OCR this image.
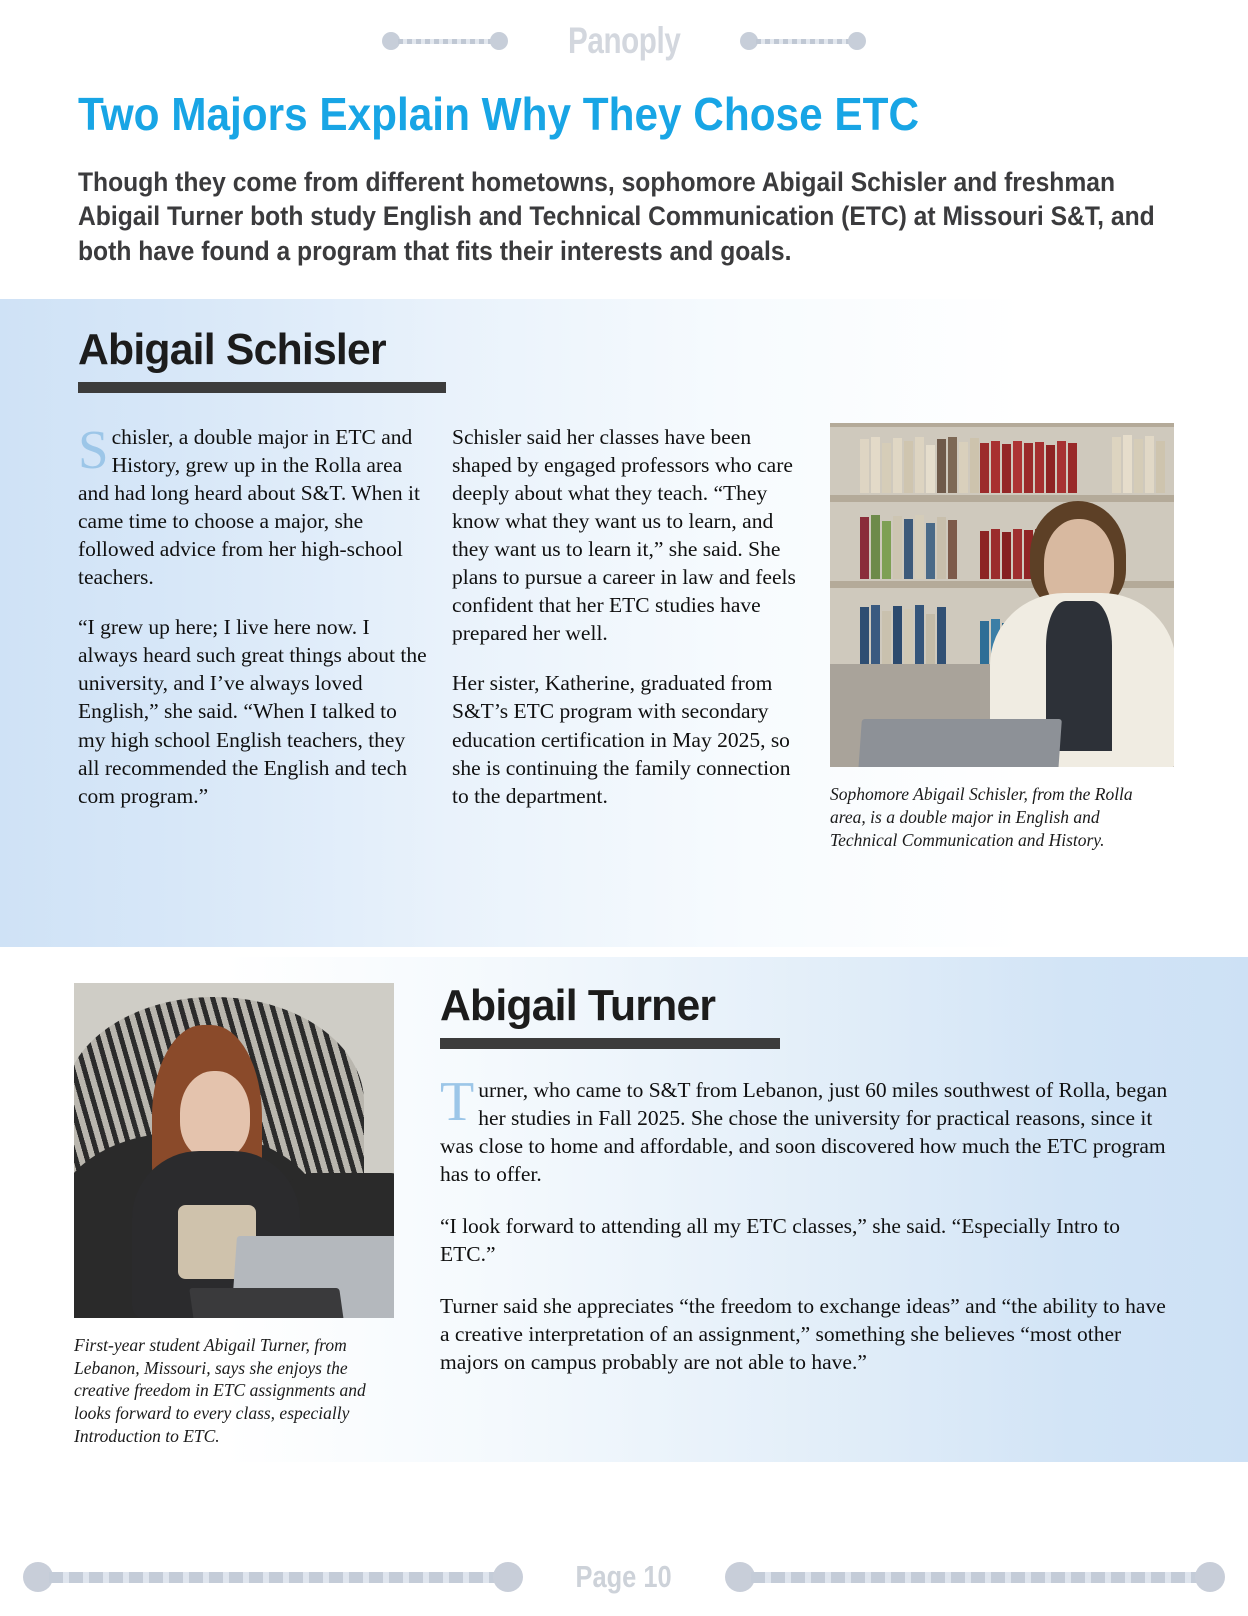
Panoply
Two Majors Explain Why They Chose ETC

Though they come from different hometowns, sophomore Abigail Schisler and freshman Abigail Turner both study English and Technical Communication (ETC) at Missouri S&T, and both have found a program that fits their interests and goals.

Abigail Schisler

Schisler, a double major in ETC and History, grew up in the Rolla area and had long heard about S&T. When it came time to choose a major, she followed advice from her high-school teachers.

“I grew up here; I live here now. I always heard such great things about the university, and I’ve always loved English,” she said. “When I talked to my high school English teachers, they all recommended the English and tech com program.”

Schisler said her classes have been shaped by engaged professors who care deeply about what they teach. “They know what they want us to learn, and they want us to learn it,” she said. She plans to pursue a career in law and feels confident that her ETC studies have prepared her well.

Her sister, Katherine, graduated from S&T’s ETC program with secondary education certification in May 2025, so she is continuing the family connection to the department.	Sophomore Abigail Schisler, from the Rolla area, is a double major in English and Technical Communication and History.
First-year student Abigail Turner, from Lebanon, Missouri, says she enjoys the creative freedom in ETC assignments and looks forward to every class, especially Introduction to ETC.
Abigail Turner

Turner, who came to S&T from Lebanon, just 60 miles southwest of Rolla, began her studies in Fall 2025. She chose the university for practical reasons, since it was close to home and affordable, and soon discovered how much the ETC program has to offer.

“I look forward to attending all my ETC classes,” she said. “Especially Intro to ETC.”

Turner said she appreciates “the freedom to exchange ideas” and “the ability to have a creative interpretation of an assignment,” something she believes “most other majors on campus probably are not able to have.”

Page 10
